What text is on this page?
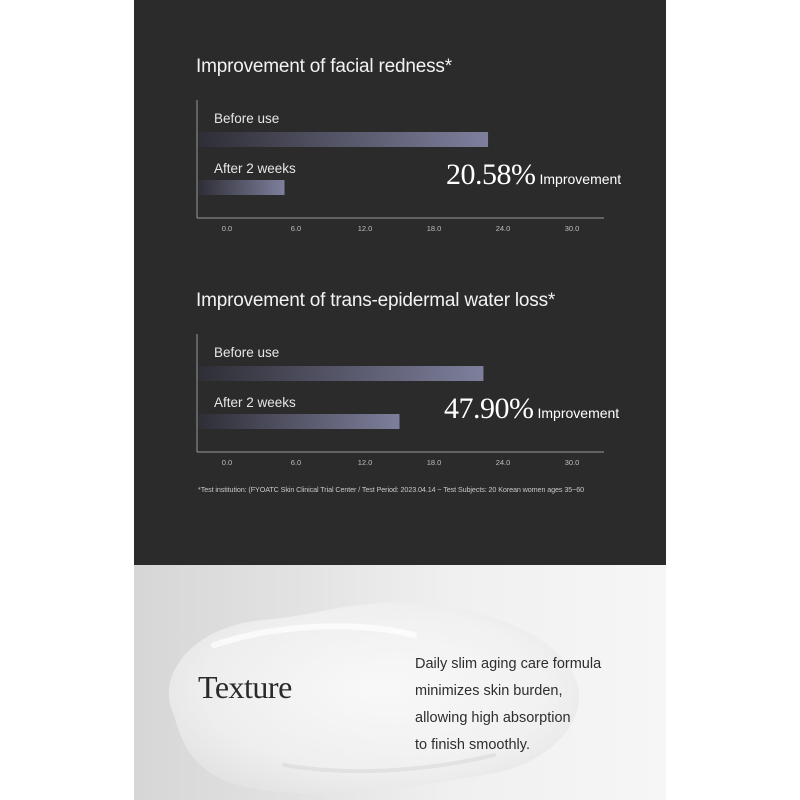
Improvement of facial redness*
Before use
After 2 weeks
0.0	6.0	12.0	18.0	24.0	30.0
20.58% Improvement
Improvement of trans-epidermal water loss*
Before use
After 2 weeks
0.0	6.0	12.0	18.0	24.0	30.0
47.90% Improvement
*Test institution: (FYOATC Skin Clinical Trial Center / Test Period: 2023.04.14 ~ Test Subjects: 20 Korean women ages 35~60
Texture
Daily slim aging care formula
minimizes skin burden,
allowing high absorption
to finish smoothly.
